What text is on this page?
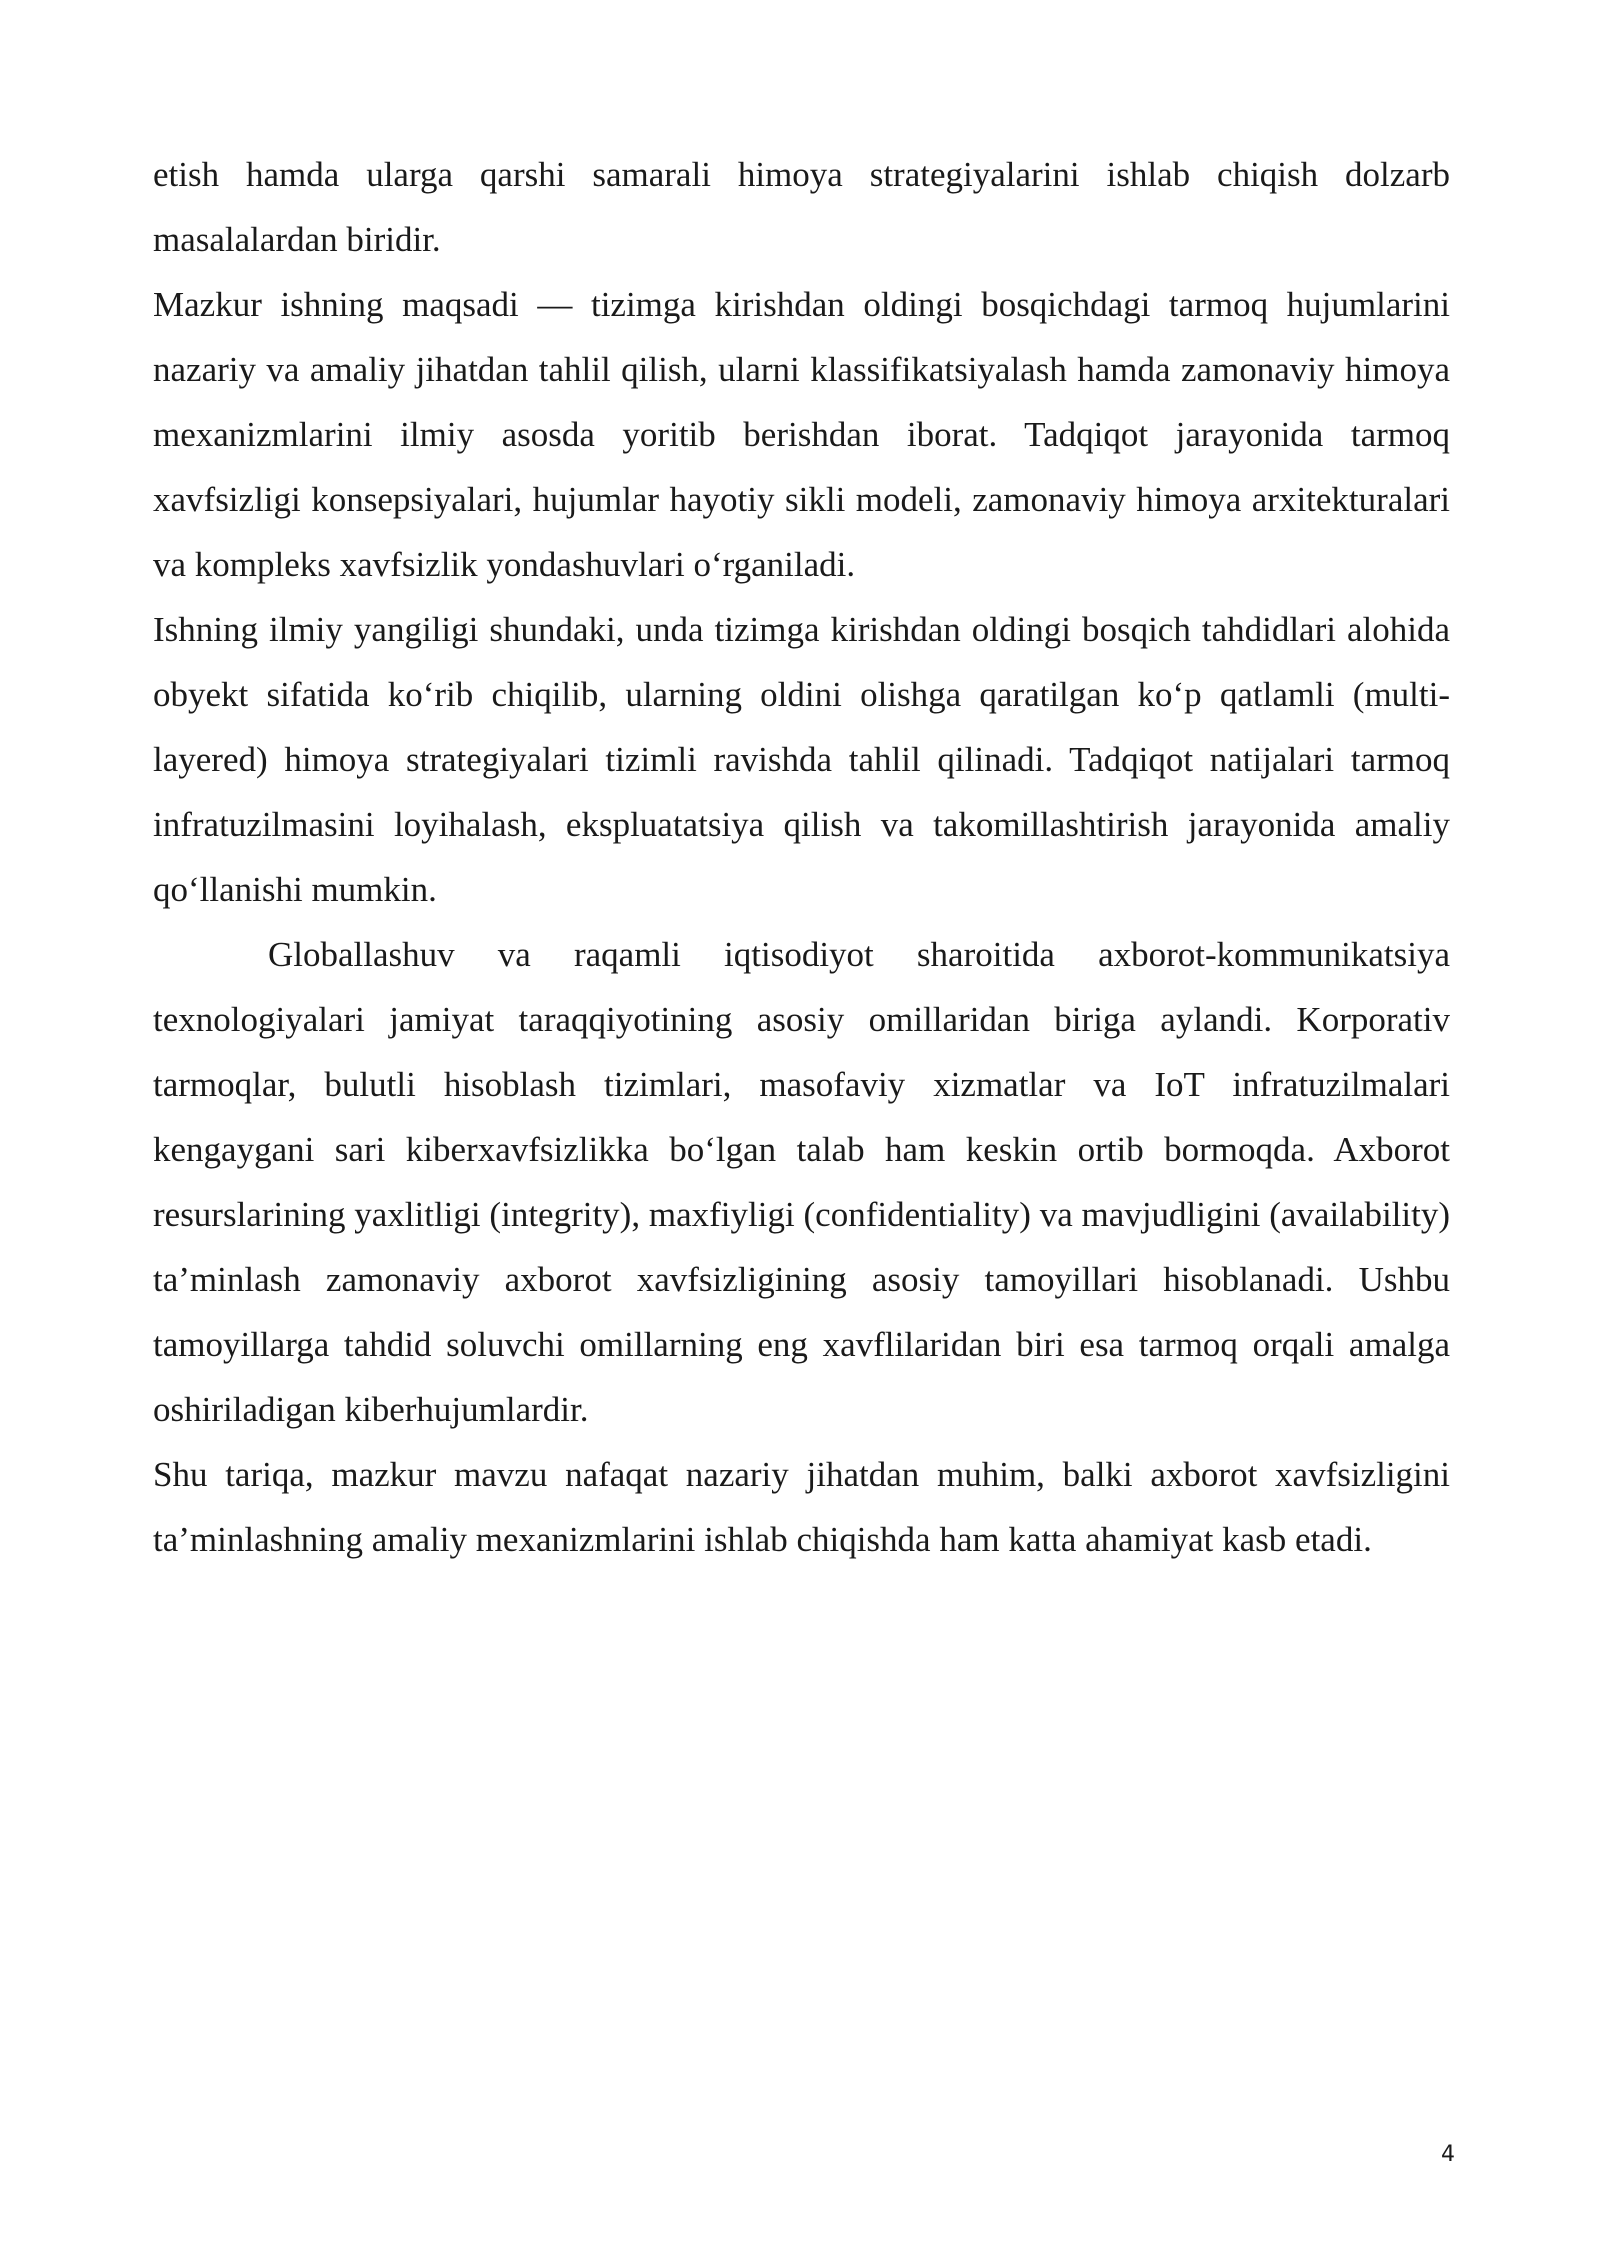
etish hamda ularga qarshi samarali himoya strategiyalarini ishlab chiqish dolzarb masalalardan biridir.

Mazkur ishning maqsadi — tizimga kirishdan oldingi bosqichdagi tarmoq hujumlarini nazariy va amaliy jihatdan tahlil qilish, ularni klassifikatsiyalash hamda zamonaviy himoya mexanizmlarini ilmiy asosda yoritib berishdan iborat. Tadqiqot jarayonida tarmoq xavfsizligi konsepsiyalari, hujumlar hayotiy sikli modeli, zamonaviy himoya arxitekturalari va kompleks xavfsizlik yondashuvlari o‘rganiladi.

Ishning ilmiy yangiligi shundaki, unda tizimga kirishdan oldingi bosqich tahdidlari alohida obyekt sifatida ko‘rib chiqilib, ularning oldini olishga qaratilgan ko‘p qatlamli (multi-layered) himoya strategiyalari tizimli ravishda tahlil qilinadi. Tadqiqot natijalari tarmoq infratuzilmasini loyihalash, ekspluatatsiya qilish va takomillashtirish jarayonida amaliy qo‘llanishi mumkin.

Globallashuv va raqamli iqtisodiyot sharoitida axborot-kommunikatsiya texnologiyalari jamiyat taraqqiyotining asosiy omillaridan biriga aylandi. Korporativ tarmoqlar, bulutli hisoblash tizimlari, masofaviy xizmatlar va IoT infratuzilmalari kengaygani sari kiberxavfsizlikka bo‘lgan talab ham keskin ortib bormoqda. Axborot resurslarining yaxlitligi (integrity), maxfiyligi (confidentiality) va mavjudligini (availability) ta’minlash zamonaviy axborot xavfsizligining asosiy tamoyillari hisoblanadi. Ushbu tamoyillarga tahdid soluvchi omillarning eng xavflilaridan biri esa tarmoq orqali amalga oshiriladigan kiberhujumlardir.

Shu tariqa, mazkur mavzu nafaqat nazariy jihatdan muhim, balki axborot xavfsizligini ta’minlashning amaliy mexanizmlarini ishlab chiqishda ham katta ahamiyat kasb etadi.

4
